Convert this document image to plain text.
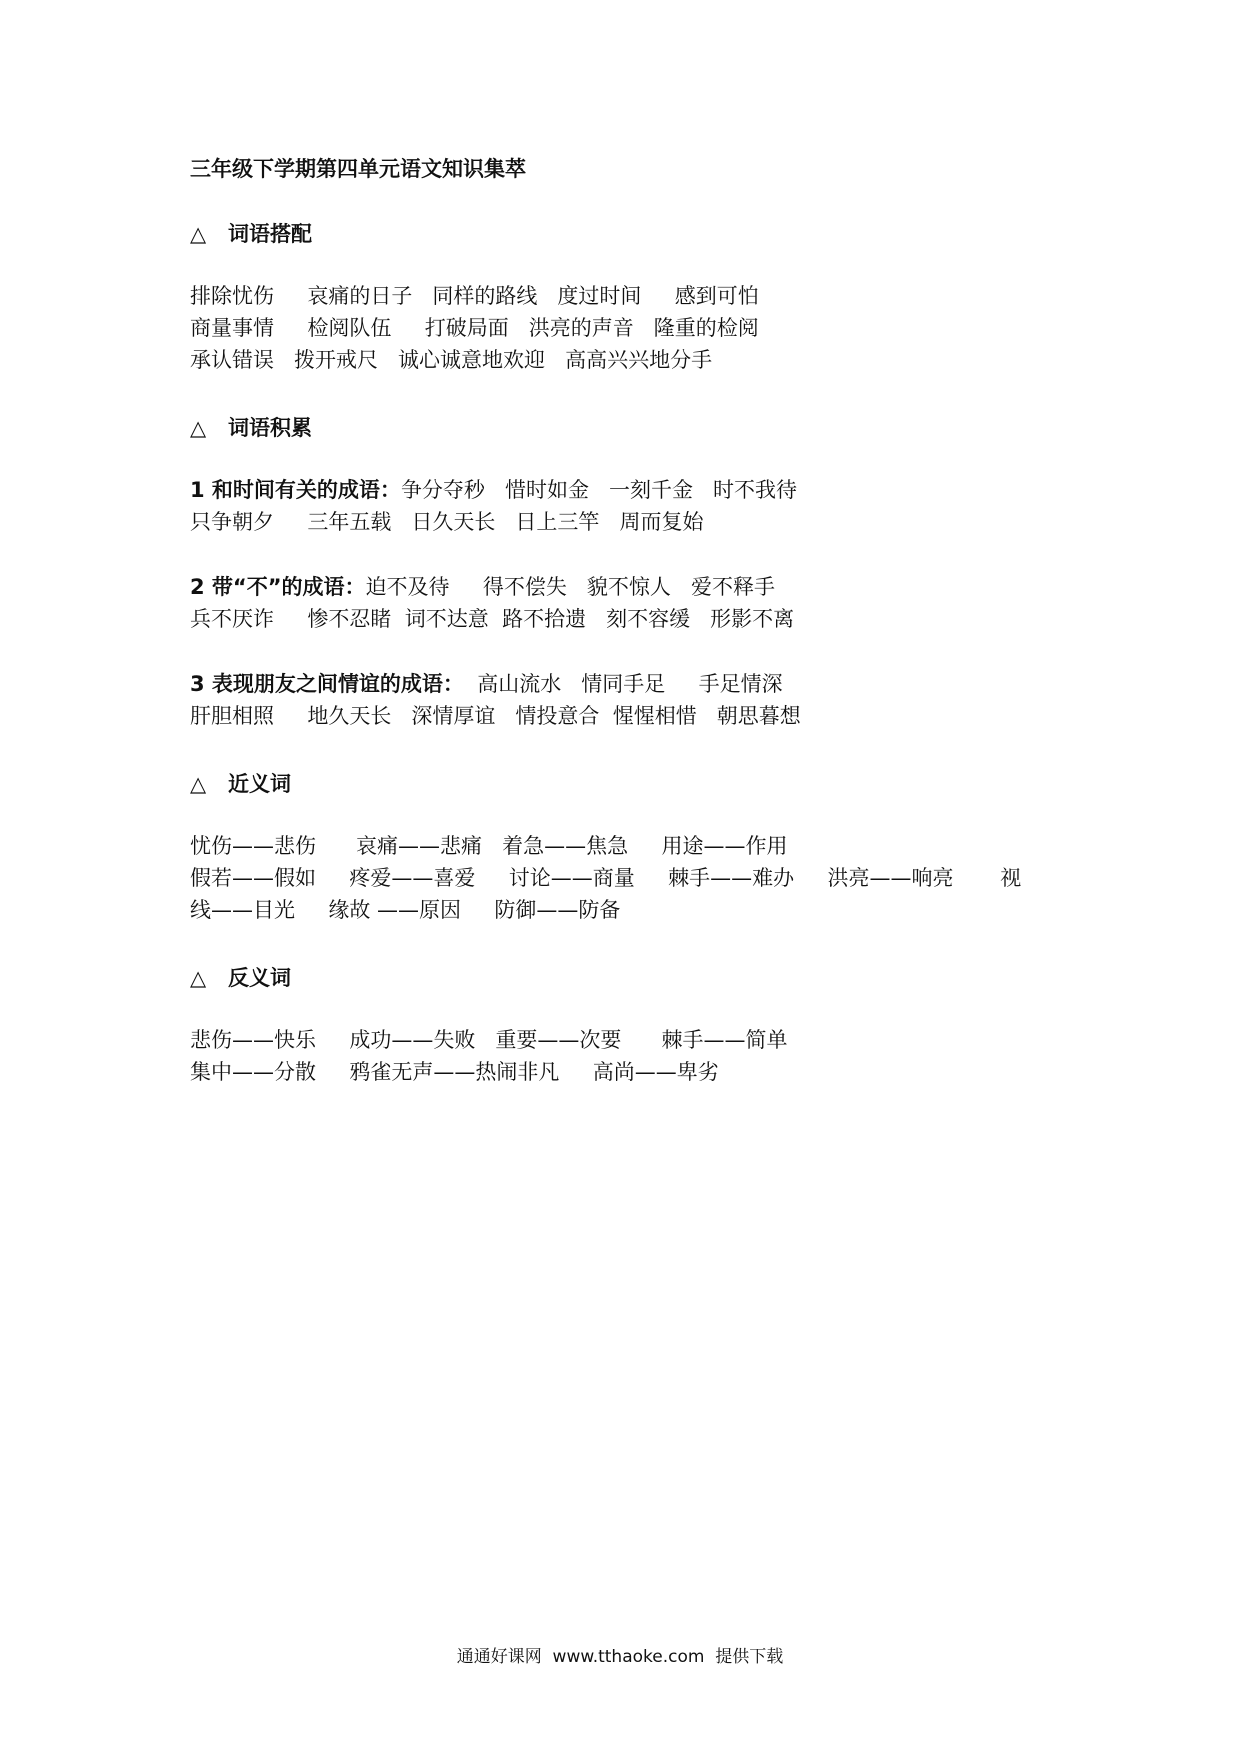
三年级下学期第四单元语文知识集萃
△ 词语搭配
排除忧伤     哀痛的日子   同样的路线   度过时间     感到可怕
商量事情     检阅队伍     打破局面   洪亮的声音   隆重的检阅
承认错误   拨开戒尺   诚心诚意地欢迎   高高兴兴地分手
△ 词语积累
1 和时间有关的成语：争分夺秒   惜时如金   一刻千金   时不我待
只争朝夕     三年五载   日久天长   日上三竿   周而复始
2 带“不”的成语：迫不及待     得不偿失   貌不惊人   爱不释手
兵不厌诈     惨不忍睹  词不达意  路不拾遗   刻不容缓   形影不离
3 表现朋友之间情谊的成语：  高山流水   情同手足     手足情深
肝胆相照     地久天长   深情厚谊   情投意合  惺惺相惜   朝思暮想
△ 近义词
忧伤——悲伤      哀痛——悲痛   着急——焦急     用途——作用
假若——假如     疼爱——喜爱     讨论——商量     棘手——难办     洪亮——响亮       视
线——目光     缘故 ——原因     防御——防备
△ 反义词
悲伤——快乐     成功——失败   重要——次要      棘手——简单
集中——分散     鸦雀无声——热闹非凡     高尚——卑劣
通通好课网  www.tthaoke.com  提供下载
